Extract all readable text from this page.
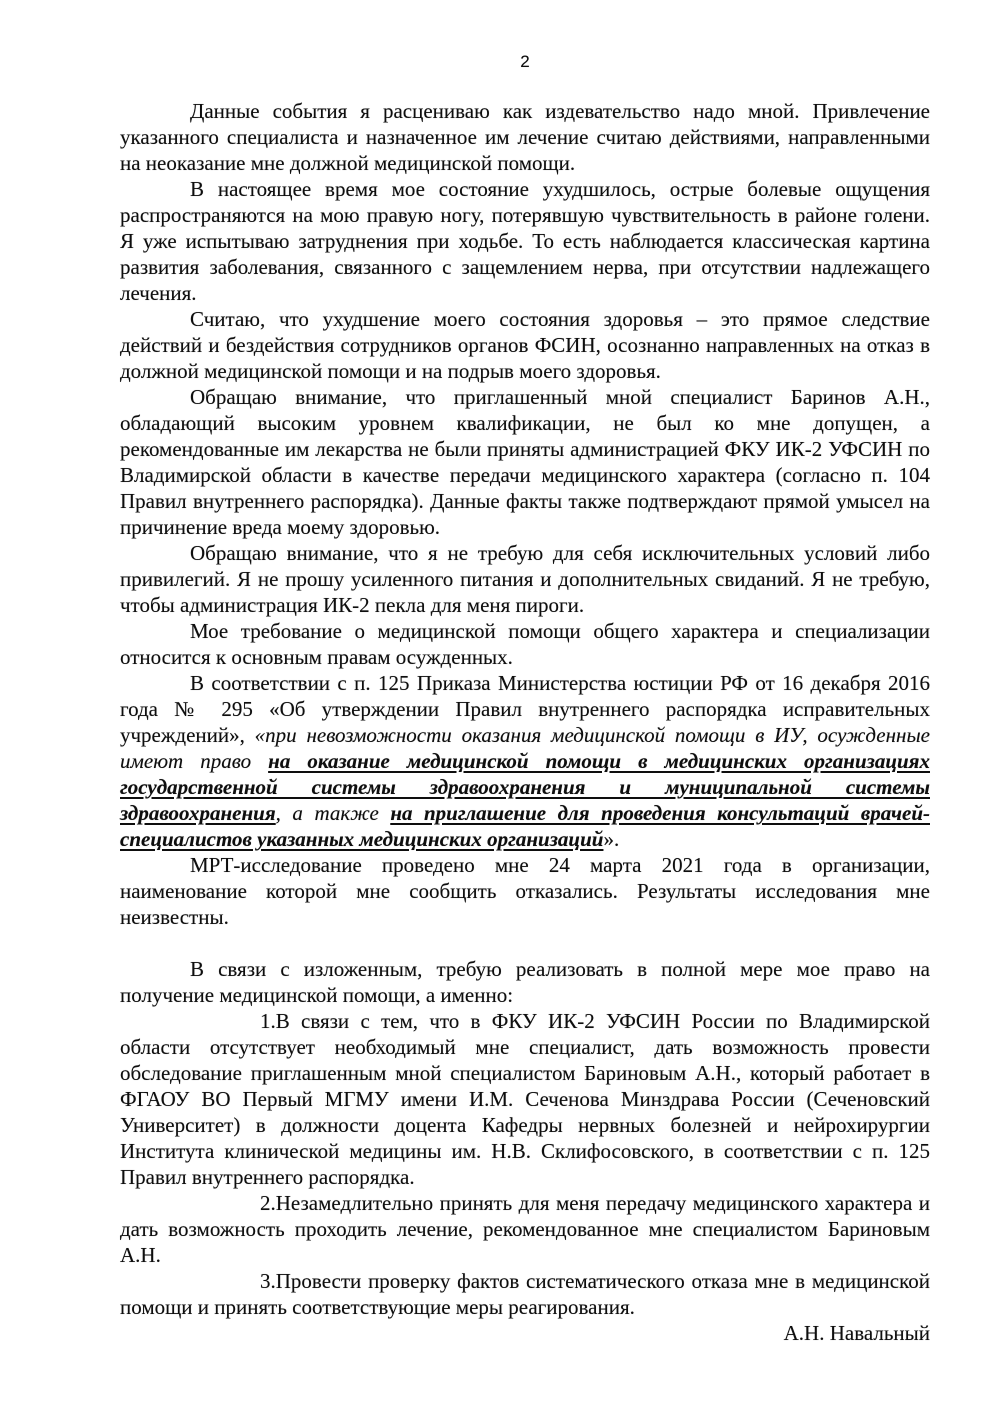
2

Данные события я расцениваю как издевательство надо мной. Привлечение указанного специалиста и назначенное им лечение считаю действиями, направленными на неоказание мне должной медицинской помощи.

В настоящее время мое состояние ухудшилось, острые болевые ощущения распространяются на мою правую ногу, потерявшую чувствительность в районе голени. Я уже испытываю затруднения при ходьбе. То есть наблюдается классическая картина развития заболевания, связанного с защемлением нерва, при отсутствии надлежащего лечения.

Считаю, что ухудшение моего состояния здоровья – это прямое следствие действий и бездействия сотрудников органов ФСИН, осознанно направленных на отказ в должной медицинской помощи и на подрыв моего здоровья.

Обращаю внимание, что приглашенный мной специалист Баринов А.Н., обладающий высоким уровнем квалификации, не был ко мне допущен, а рекомендованные им лекарства не были приняты администрацией ФКУ ИК-2 УФСИН по Владимирской области в качестве передачи медицинского характера (согласно п. 104 Правил внутреннего распорядка). Данные факты также подтверждают прямой умысел на причинение вреда моему здоровью.

Обращаю внимание, что я не требую для себя исключительных условий либо привилегий. Я не прошу усиленного питания и дополнительных свиданий. Я не требую, чтобы администрация ИК-2 пекла для меня пироги.

Мое требование о медицинской помощи общего характера и специализации относится к основным правам осужденных.

В соответствии с п. 125 Приказа Министерства юстиции РФ от 16 декабря 2016 года № 295 «Об утверждении Правил внутреннего распорядка исправительных учреждений», «при невозможности оказания медицинской помощи в ИУ, осужденные имеют право на оказание медицинской помощи в медицинских организациях государственной системы здравоохранения и муниципальной системы здравоохранения, а также на приглашение для проведения консультаций врачей-специалистов указанных медицинских организаций».

МРТ-исследование проведено мне 24 марта 2021 года в организации, наименование которой мне сообщить отказались. Результаты исследования мне неизвестны.

В связи с изложенным, требую реализовать в полной мере мое право на получение медицинской помощи, а именно:

1.В связи с тем, что в ФКУ ИК-2 УФСИН России по Владимирской области отсутствует необходимый мне специалист, дать возможность провести обследование приглашенным мной специалистом Бариновым А.Н., который работает в ФГАОУ ВО Первый МГМУ имени И.М. Сеченова Минздрава России (Сеченовский Университет) в должности доцента Кафедры нервных болезней и нейрохирургии Института клинической медицины им. Н.В. Склифосовского, в соответствии с п. 125 Правил внутреннего распорядка.

2.Незамедлительно принять для меня передачу медицинского характера и дать возможность проходить лечение, рекомендованное мне специалистом Бариновым А.Н.

3.Провести проверку фактов систематического отказа мне в медицинской помощи и принять соответствующие меры реагирования.

А.Н. Навальный
